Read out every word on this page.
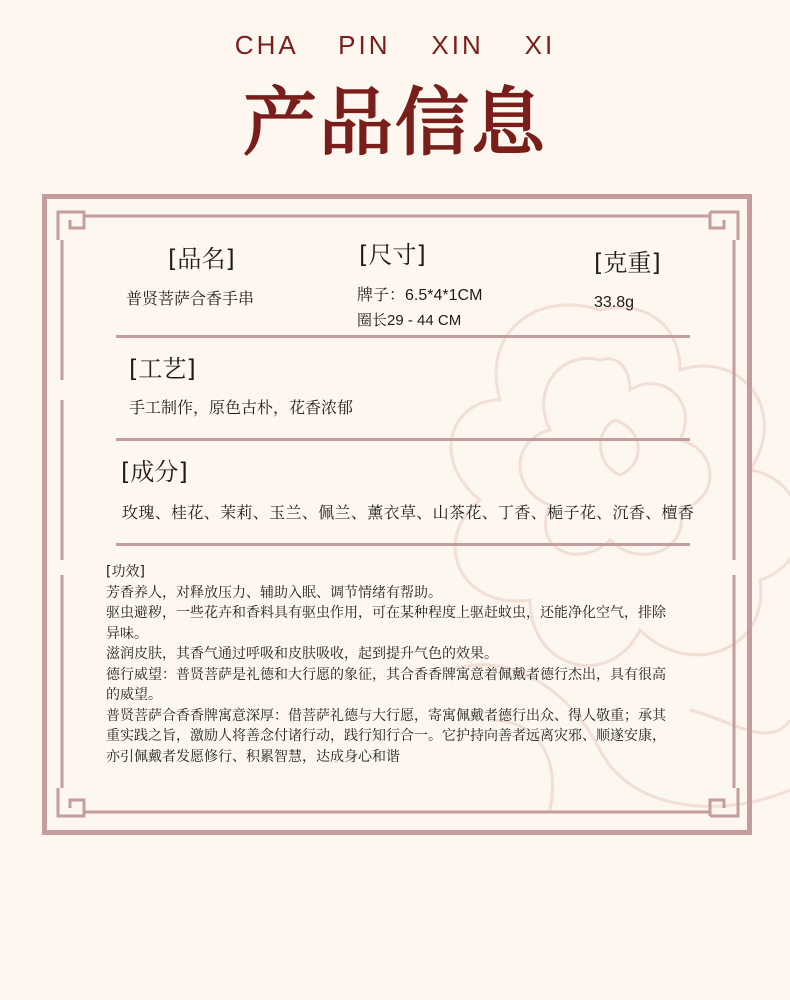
CHA    PIN    XIN    XI
产品信息
[品名]
普贤菩萨合香手串
[尺寸]
牌子：6.5*4*1CM
圈长29 - 44 CM
[克重]
33.8g
[工艺]
手工制作，原色古朴，花香浓郁
[成分]
玫瑰、桂花、茉莉、玉兰、佩兰、薰衣草、山茶花、丁香、梔子花、沉香、檀香

[功效]

芳香养人，对释放压力、辅助入眠、调节情绪有帮助。

驱虫避秽，一些花卉和香料具有驱虫作用，可在某种程度上驱赶蚊虫，还能净化空气，排除异味。

滋润皮肤，其香气通过呼吸和皮肤吸收，起到提升气色的效果。

德行威望：普贤菩萨是礼德和大行愿的象征，其合香香牌寓意着佩戴者德行杰出，具有很高的威望。

普贤菩萨合香香牌寓意深厚：借菩萨礼德与大行愿，寄寓佩戴者德行出众、得人敬重；承其重实践之旨，激励人将善念付诸行动，践行知行合一。它护持向善者远离灾邪、顺遂安康，亦引佩戴者发愿修行、积累智慧，达成身心和谐
